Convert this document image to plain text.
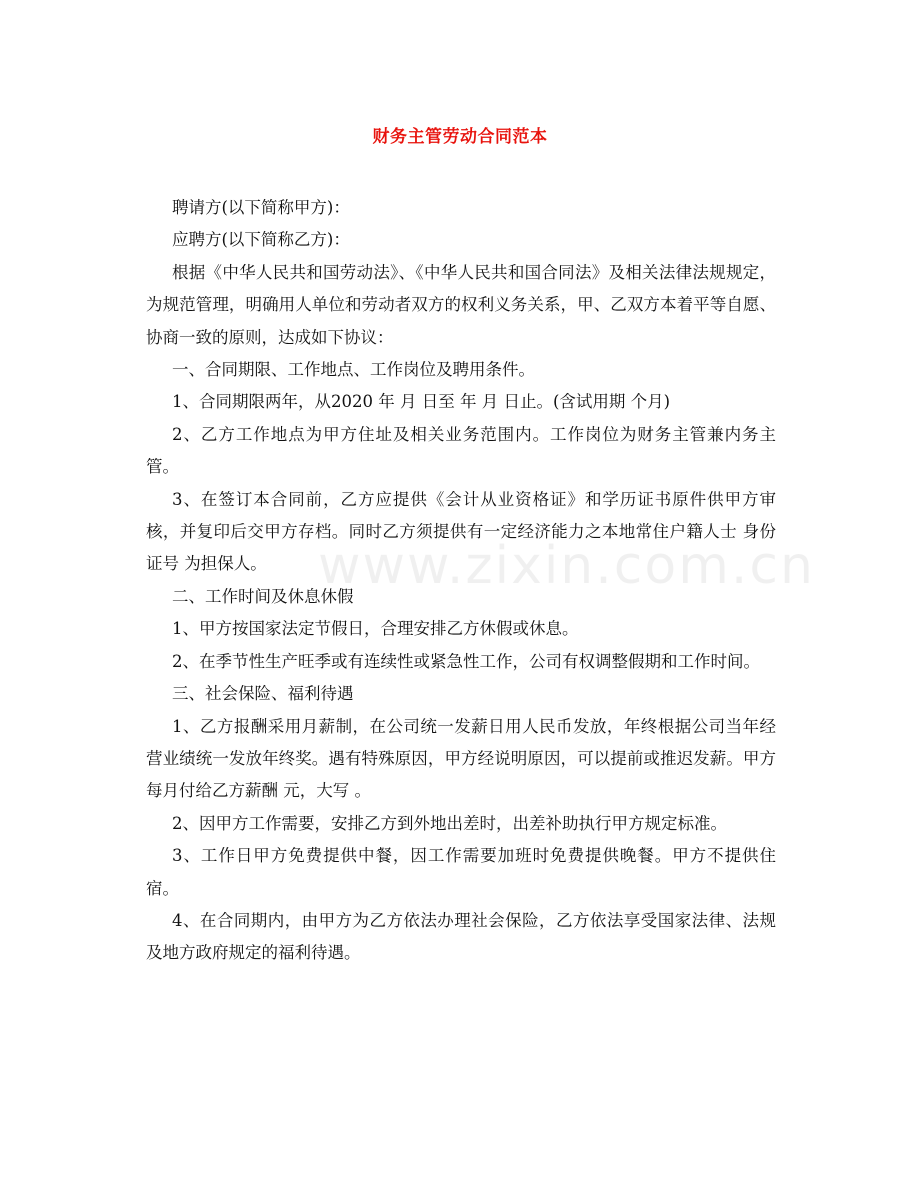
www.zixin.com.cn
财务主管劳动合同范本

聘请方(以下简称甲方)：

应聘方(以下简称乙方)：

根据《中华人民共和国劳动法》、《中华人民共和国合同法》及相关法律法规规定，为规范管理，明确用人单位和劳动者双方的权利义务关系，甲、乙双方本着平等自愿、协商一致的原则，达成如下协议：

一、合同期限、工作地点、工作岗位及聘用条件。

1、合同期限两年，从2020 年 月 日至 年 月 日止。(含试用期 个月)

2、乙方工作地点为甲方住址及相关业务范围内。工作岗位为财务主管兼内务主管。

3、在签订本合同前，乙方应提供《会计从业资格证》和学历证书原件供甲方审核，并复印后交甲方存档。同时乙方须提供有一定经济能力之本地常住户籍人士 身份证号 为担保人。

二、工作时间及休息休假

1、甲方按国家法定节假日，合理安排乙方休假或休息。

2、在季节性生产旺季或有连续性或紧急性工作，公司有权调整假期和工作时间。

三、社会保险、福利待遇

1、乙方报酬采用月薪制，在公司统一发薪日用人民币发放，年终根据公司当年经营业绩统一发放年终奖。遇有特殊原因，甲方经说明原因，可以提前或推迟发薪。甲方每月付给乙方薪酬 元，大写 。

2、因甲方工作需要，安排乙方到外地出差时，出差补助执行甲方规定标准。

3、工作日甲方免费提供中餐，因工作需要加班时免费提供晚餐。甲方不提供住宿。

4、在合同期内，由甲方为乙方依法办理社会保险，乙方依法享受国家法律、法规及地方政府规定的福利待遇。
